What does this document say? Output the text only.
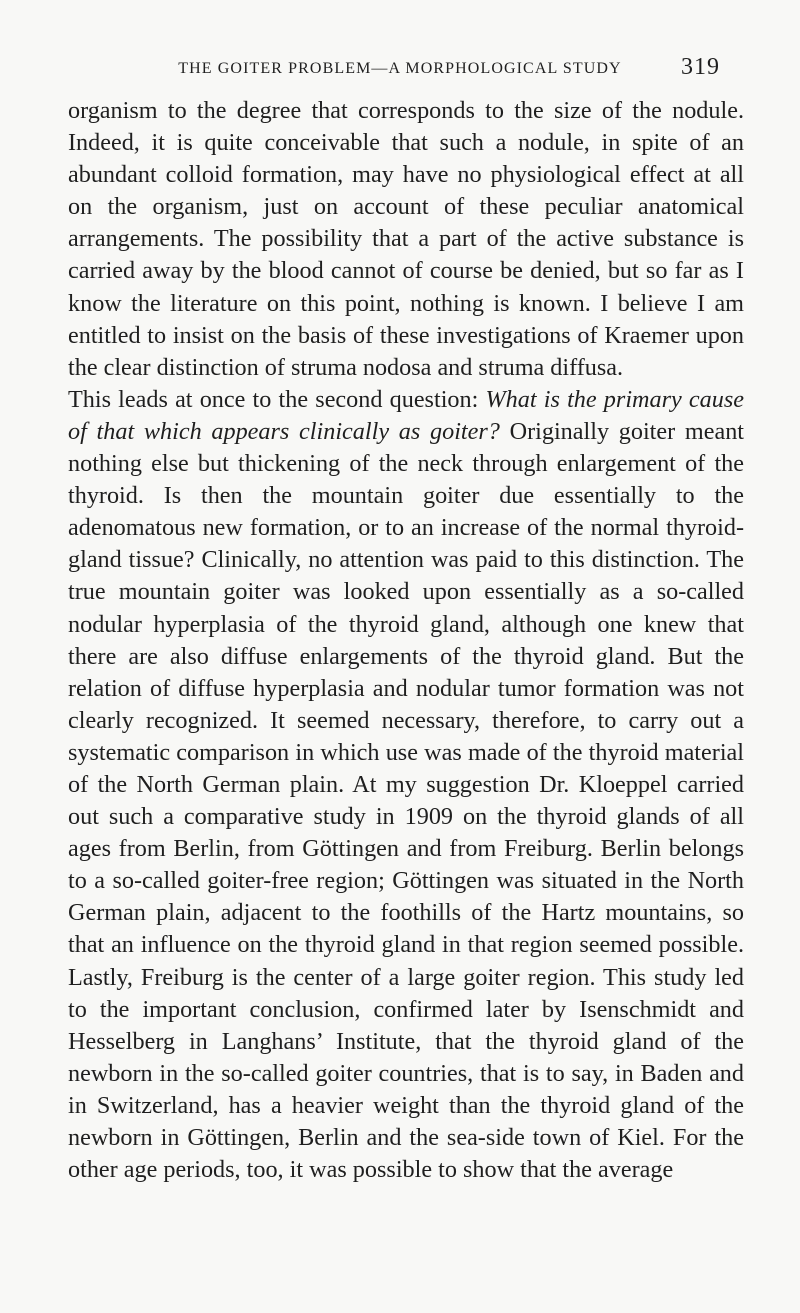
THE GOITER PROBLEM—A MORPHOLOGICAL STUDY	319

organism to the degree that corresponds to the size of the nodule. Indeed, it is quite conceivable that such a nodule, in spite of an abundant colloid formation, may have no physiological effect at all on the organism, just on account of these peculiar anatomical arrangements. The possibility that a part of the active substance is carried away by the blood cannot of course be denied, but so far as I know the literature on this point, nothing is known. I believe I am entitled to insist on the basis of these investigations of Kraemer upon the clear distinction of struma nodosa and struma diffusa.

This leads at once to the second question: What is the primary cause of that which appears clinically as goiter? Originally goiter meant nothing else but thickening of the neck through enlargement of the thyroid. Is then the mountain goiter due essentially to the adenomatous new formation, or to an increase of the normal thyroid-gland tissue? Clinically, no attention was paid to this distinction. The true mountain goiter was looked upon essentially as a so-called nodular hyperplasia of the thyroid gland, although one knew that there are also diffuse enlargements of the thyroid gland. But the relation of diffuse hyperplasia and nodular tumor formation was not clearly recognized. It seemed necessary, therefore, to carry out a systematic comparison in which use was made of the thyroid material of the North German plain. At my suggestion Dr. Kloeppel carried out such a comparative study in 1909 on the thyroid glands of all ages from Berlin, from Göttingen and from Freiburg. Berlin belongs to a so-called goiter-free region; Göttingen was situated in the North German plain, adjacent to the foothills of the Hartz mountains, so that an influence on the thyroid gland in that region seemed possible. Lastly, Freiburg is the center of a large goiter region. This study led to the important conclusion, confirmed later by Isenschmidt and Hesselberg in Langhans’ Institute, that the thyroid gland of the newborn in the so-called goiter countries, that is to say, in Baden and in Switzerland, has a heavier weight than the thyroid gland of the newborn in Göttingen, Berlin and the sea-side town of Kiel. For the other age periods, too, it was possible to show that the average
